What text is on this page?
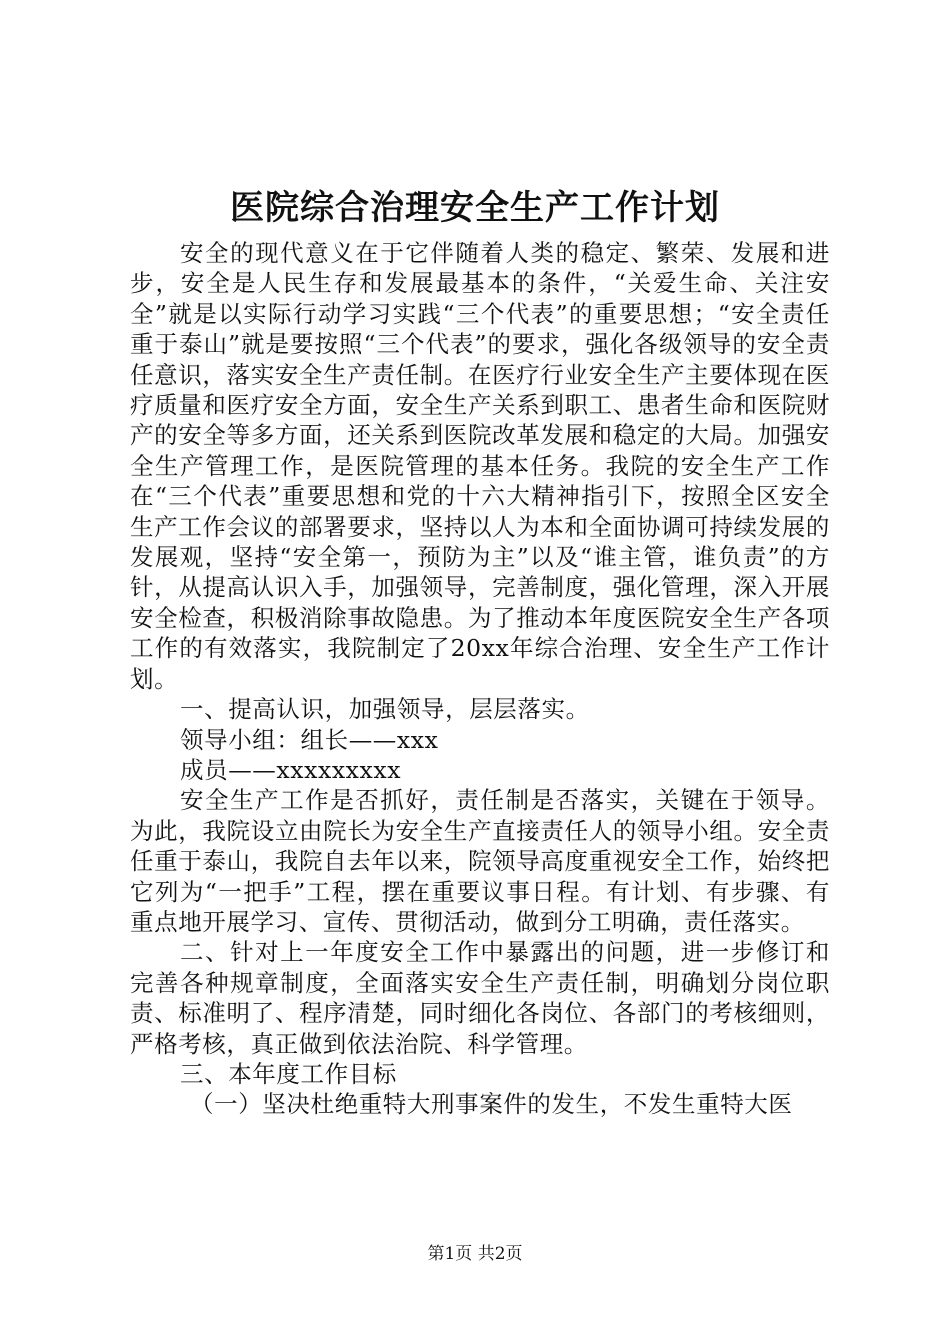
医院综合治理安全生产工作计划

安全的现代意义在于它伴随着人类的稳定、繁荣、发展和进步，安全是人民生存和发展最基本的条件，“关爱生命、关注安全”就是以实际行动学习实践“三个代表”的重要思想；“安全责任重于泰山”就是要按照“三个代表”的要求，强化各级领导的安全责任意识，落实安全生产责任制。在医疗行业安全生产主要体现在医疗质量和医疗安全方面，安全生产关系到职工、患者生命和医院财产的安全等多方面，还关系到医院改革发展和稳定的大局。加强安全生产管理工作，是医院管理的基本任务。我院的安全生产工作在“三个代表”重要思想和党的十六大精神指引下，按照全区安全生产工作会议的部署要求，坚持以人为本和全面协调可持续发展的发展观，坚持“安全第一，预防为主”以及“谁主管，谁负责”的方针，从提高认识入手，加强领导，完善制度，强化管理，深入开展安全检查，积极消除事故隐患。为了推动本年度医院安全生产各项工作的有效落实，我院制定了20xx年综合治理、安全生产工作计划。

一、提高认识，加强领导，层层落实。

领导小组：组长——xxx

成员——xxxxxxxxx

安全生产工作是否抓好，责任制是否落实，关键在于领导。为此，我院设立由院长为安全生产直接责任人的领导小组。安全责任重于泰山，我院自去年以来，院领导高度重视安全工作，始终把它列为“一把手”工程，摆在重要议事日程。有计划、有步骤、有重点地开展学习、宣传、贯彻活动，做到分工明确，责任落实。

二、针对上一年度安全工作中暴露出的问题，进一步修订和完善各种规章制度，全面落实安全生产责任制，明确划分岗位职责、标准明了、程序清楚，同时细化各岗位、各部门的考核细则，严格考核，真正做到依法治院、科学管理。

三、本年度工作目标

（一）坚决杜绝重特大刑事案件的发生，不发生重特大医

第1页 共2页
